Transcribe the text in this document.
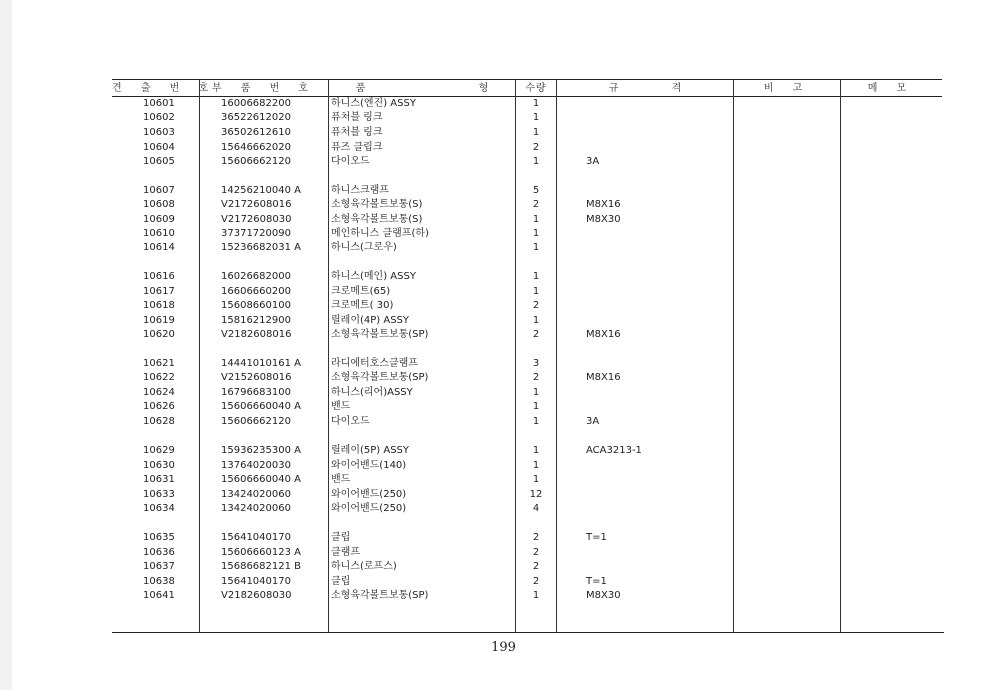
견 출 번 호
부 품 번 호	품 형	수량	규 격	비 고	메 모
10601	16006682200	하니스(엔진) ASSY	1
10602	36522612020	퓨처블 링크	1
10603	36502612610	퓨처블 링크	1
10604	15646662020	퓨즈 클립크	2
10605	15606662120	다이오드	1	3A
10607	14256210040 A	하니스크램프	5
10608	V2172608016	소형육각볼트보통(S)	2	M8X16
10609	V2172608030	소형육각볼트보통(S)	1	M8X30
10610	37371720090	메인하니스 클램프(하)	1
10614	15236682031 A	하니스(그로우)	1
10616	16026682000	하니스(메인) ASSY	1
10617	16606660200	크로메트(65)	1
10618	15608660100	크로메트( 30)	2
10619	15816212900	릴레이(4P) ASSY	1
10620	V2182608016	소형육각볼트보통(SP)	2	M8X16
10621	14441010161 A	라디에터호스클램프	3
10622	V2152608016	소형육각볼트보통(SP)	2	M8X16
10624	16796683100	하니스(리어)ASSY	1
10626	15606660040 A	밴드	1
10628	15606662120	다이오드	1	3A
10629	15936235300 A	릴레이(5P) ASSY	1	ACA3213-1
10630	13764020030	와이어밴드(140)	1
10631	15606660040 A	밴드	1
10633	13424020060	와이어밴드(250)	12
10634	13424020060	와이어밴드(250)	4
10635	15641040170	클립	2	T=1
10636	15606660123 A	클램프	2
10637	15686682121 B	하니스(로프스)	2
10638	15641040170	클립	2	T=1
10641	V2182608030	소형육각볼트보통(SP)	1	M8X30
199
